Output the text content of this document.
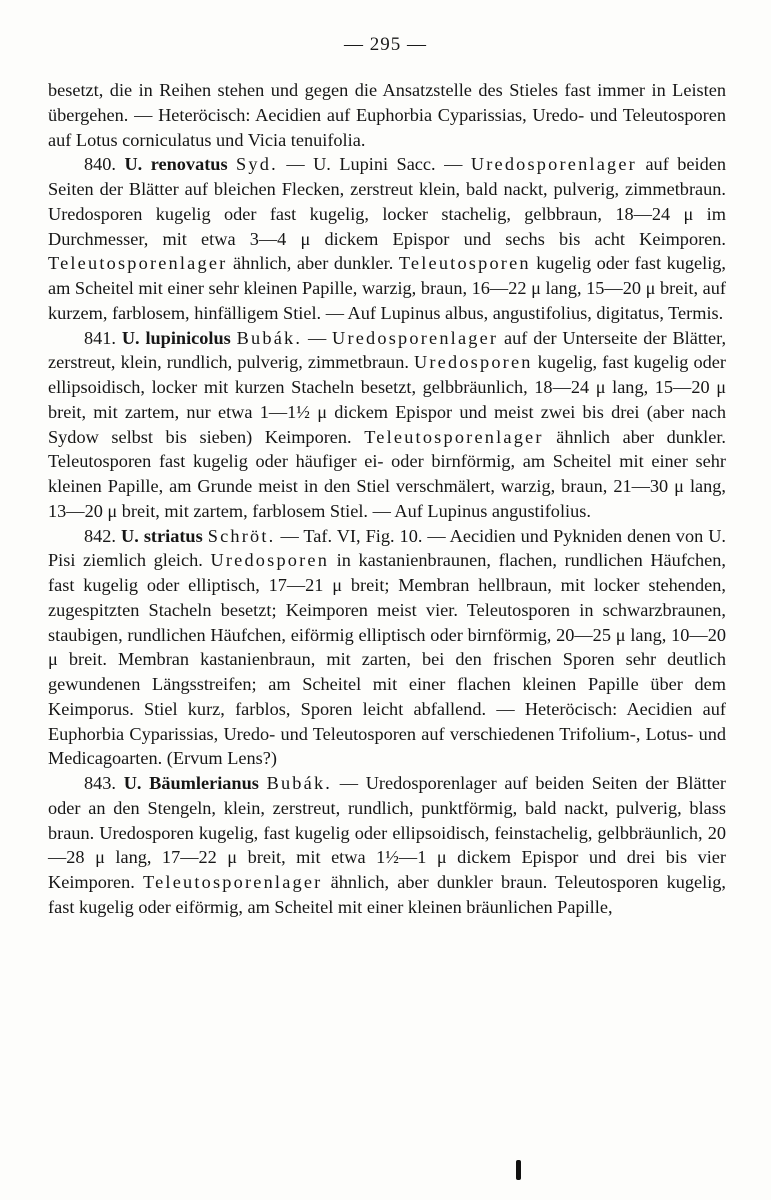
— 295 —

besetzt, die in Reihen stehen und gegen die Ansatzstelle des Stieles fast immer in Leisten übergehen. — Heteröcisch: Aecidien auf Euphorbia Cyparissias, Uredo- und Teleutosporen auf Lotus corniculatus und Vicia tenuifolia.

840. U. renovatus Syd. — U. Lupini Sacc. — Uredosporenlager auf beiden Seiten der Blätter auf bleichen Flecken, zerstreut klein, bald nackt, pulverig, zimmetbraun. Uredosporen kugelig oder fast kugelig, locker stachelig, gelbbraun, 18—24 μ im Durchmesser, mit etwa 3—4 μ dickem Epispor und sechs bis acht Keimporen. Teleutosporenlager ähnlich, aber dunkler. Teleutosporen kugelig oder fast kugelig, am Scheitel mit einer sehr kleinen Papille, warzig, braun, 16—22 μ lang, 15—20 μ breit, auf kurzem, farblosem, hinfälligem Stiel. — Auf Lupinus albus, angustifolius, digitatus, Termis.

841. U. lupinicolus Bubák. — Uredosporenlager auf der Unterseite der Blätter, zerstreut, klein, rundlich, pulverig, zimmetbraun. Uredosporen kugelig, fast kugelig oder ellipsoidisch, locker mit kurzen Stacheln besetzt, gelbbräunlich, 18—24 μ lang, 15—20 μ breit, mit zartem, nur etwa 1—1½ μ dickem Epispor und meist zwei bis drei (aber nach Sydow selbst bis sieben) Keimporen. Teleutosporenlager ähnlich aber dunkler. Teleutosporen fast kugelig oder häufiger ei- oder birnförmig, am Scheitel mit einer sehr kleinen Papille, am Grunde meist in den Stiel verschmälert, warzig, braun, 21—30 μ lang, 13—20 μ breit, mit zartem, farblosem Stiel. — Auf Lupinus angustifolius.

842. U. striatus Schröt. — Taf. VI, Fig. 10. — Aecidien und Pykniden denen von U. Pisi ziemlich gleich. Uredosporen in kastanienbraunen, flachen, rundlichen Häufchen, fast kugelig oder elliptisch, 17—21 μ breit; Membran hellbraun, mit locker stehenden, zugespitzten Stacheln besetzt; Keimporen meist vier. Teleutosporen in schwarzbraunen, staubigen, rundlichen Häufchen, eiförmig elliptisch oder birnförmig, 20—25 μ lang, 10—20 μ breit. Membran kastanienbraun, mit zarten, bei den frischen Sporen sehr deutlich gewundenen Längsstreifen; am Scheitel mit einer flachen kleinen Papille über dem Keimporus. Stiel kurz, farblos, Sporen leicht abfallend. — Heteröcisch: Aecidien auf Euphorbia Cyparissias, Uredo- und Teleutosporen auf verschiedenen Trifolium-, Lotus- und Medicagoarten. (Ervum Lens?)

843. U. Bäumlerianus Bubák. — Uredosporenlager auf beiden Seiten der Blätter oder an den Stengeln, klein, zerstreut, rundlich, punktförmig, bald nackt, pulverig, blass braun. Uredosporen kugelig, fast kugelig oder ellipsoidisch, feinstachelig, gelbbräunlich, 20—28 μ lang, 17—22 μ breit, mit etwa 1½—1 μ dickem Epispor und drei bis vier Keimporen. Teleutosporenlager ähnlich, aber dunkler braun. Teleutosporen kugelig, fast kugelig oder eiförmig, am Scheitel mit einer kleinen bräunlichen Papille,
